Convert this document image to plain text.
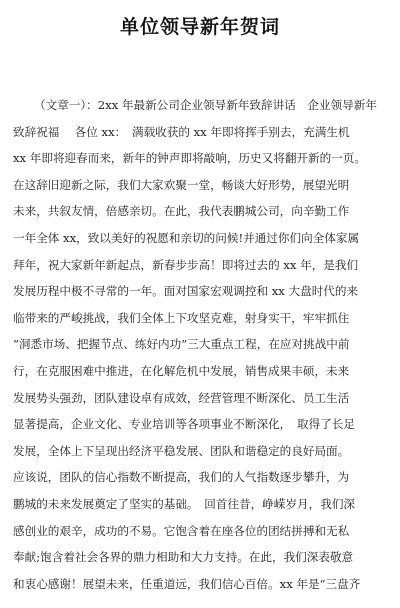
单位领导新年贺词
（文章一）：2xx 年最新公司企业领导新年致辞讲话　企业领导新年
致辞祝福　 各位 xx：　满载收获的 xx 年即将挥手别去，充满生机
xx 年即将迎春而来，新年的钟声即将敲响，历史又将翻开新的一页。
在这辞旧迎新之际，我们大家欢聚一堂，畅谈大好形势，展望光明
未来，共叙友情，倍感亲切。在此，我代表鹏城公司，向辛勤工作
一年全体 xx，致以美好的祝愿和亲切的问候!并通过你们向全体家属
拜年，祝大家新年新起点，新春步步高！即将过去的 xx 年，是我们
发展历程中极不寻常的一年。面对国家宏观调控和 xx 大盘时代的来
临带来的严峻挑战，我们全体上下攻坚克难，射身实干，牢牢抓住
“洞悉市场、把握节点、练好内功”三大重点工程，在应对挑战中前
行，在克服困难中推进，在化解危机中发展，销售成果丰硕，未来
发展势头强劲，团队建设卓有成效，经营管理不断深化、员工生活
显著提高，企业文化、专业培训等各项事业不断深化，　取得了长足
发展，全体上下呈现出经济平稳发展、团队和谐稳定的良好局面。
应该说，团队的信心指数不断提高，我们的人气指数逐步攀升，为
鹏城的未来发展奠定了坚实的基础。　回首往昔，峥嵘岁月，我们深
感创业的艰辛，成功的不易。它饱含着在座各位的团结拼搏和无私
奉献;饱含着社会各界的鼎力相助和大力支持。在此，我们深表敬意
和衷心感谢！展望未来，任重道远，我们信心百倍。xx 年是“三盘齐
